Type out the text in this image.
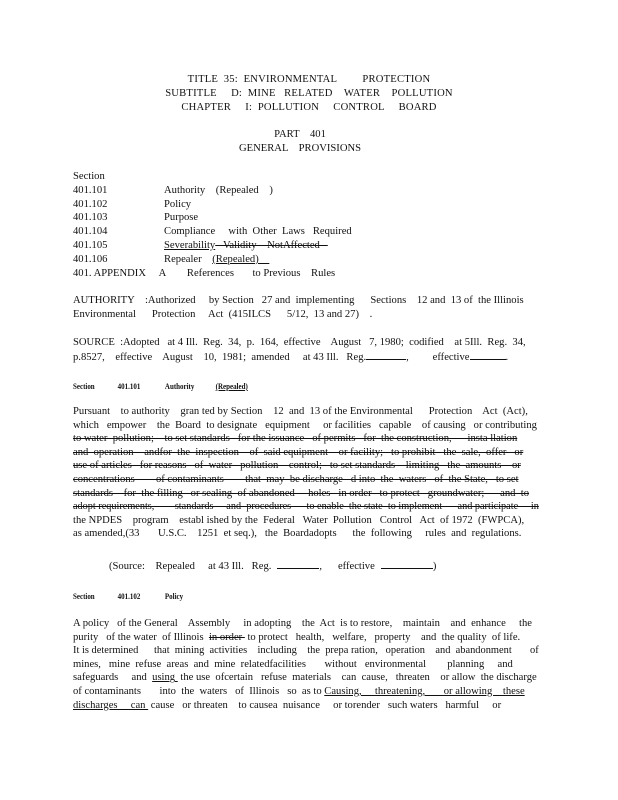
TITLE  35:  ENVIRONMENTAL         PROTECTION
SUBTITLE     D:  MINE   RELATED    WATER    POLLUTION
CHAPTER     I:  POLLUTION     CONTROL     BOARD
PART    401
GENERAL    PROVISIONS
Section
401.101	Authority    (Repealed    )
401.102	Policy
401.103	Purpose
401.104	Compliance     with  Other  Laws   Required
401.105	Severability   Validity    NotAffected
401.106	Repealer    (Repealed)
401. APPENDIX     A        References       to Previous    Rules
AUTHORITY    :Authorized     by Section   27 and  implementing      Sections    12 and  13 of  the Illinois
Environmental      Protection     Act  (415ILCS      5/12,  13 and 27)    .
SOURCE  :Adopted   at 4 Ill.  Reg.  34,  p.  164,  effective    August   7, 1980;  codified    at 5Ill.  Reg.  34,
p.8527,    effective    August    10,  1981;  amended     at 43 Ill.   Reg.	,         effective	.
Section	401.101	Authority	(Repealed)
Pursuant    to authority    gran ted by Section    12  and  13 of the Environmental      Protection    Act  (Act),
which   empower    the  Board  to designate   equipment     or facilities   capable    of causing   or contributing
to water  pollution;    to set standards   for the issuance   of permits   for  the construction,      insta llation
and  operation    andfor  the  inspection    of  said equipment    or facility;   to prohibit   the  sale,  offer   or
use of articles   for reasons   of  water   pollution    control;   to set standards    limiting   the  amounts    or
concentrations        of contaminants        that  may  be discharge   d into  the  waters   of  the State,   to set
standards    for  the filling   or sealing  of abandoned     holes   in order   to protect   groundwater;      and  to
adopt requirements,        standards     and  procedures      to enable  the state  to implement      and participate     in
the NPDES    program    establ ished by the  Federal   Water  Pollution   Control   Act  of 1972  (FWPCA),
as amended,(33       U.S.C.    1251  et seq.),   the  Boardadopts      the  following     rules  and  regulations.
(Source:    Repealed     at 43 Ill.   Reg.	,      effective	)
Section	401.102	Policy
A policy   of the General    Assembly     in adopting    the  Act  is to restore,    maintain    and  enhance     the
purity   of the water  of Illinois  in order  to protect   health,   welfare,   property    and  the quality  of life.
It is determined      that  mining  activities    including    the  prepa ration,   operation    and  abandonment       of
mines,   mine  refuse  areas  and  mine  relatedfacilities       without   environmental        planning     and
safeguards     and  using  the use  ofcertain   refuse  materials    can  cause,   threaten    or allow  the discharge
of contaminants       into  the  waters   of  Illinois   so  as to Causing,     threatening,       or allowing    these
discharges     can  cause   or threaten    to causea  nuisance     or torender   such waters   harmful     or
